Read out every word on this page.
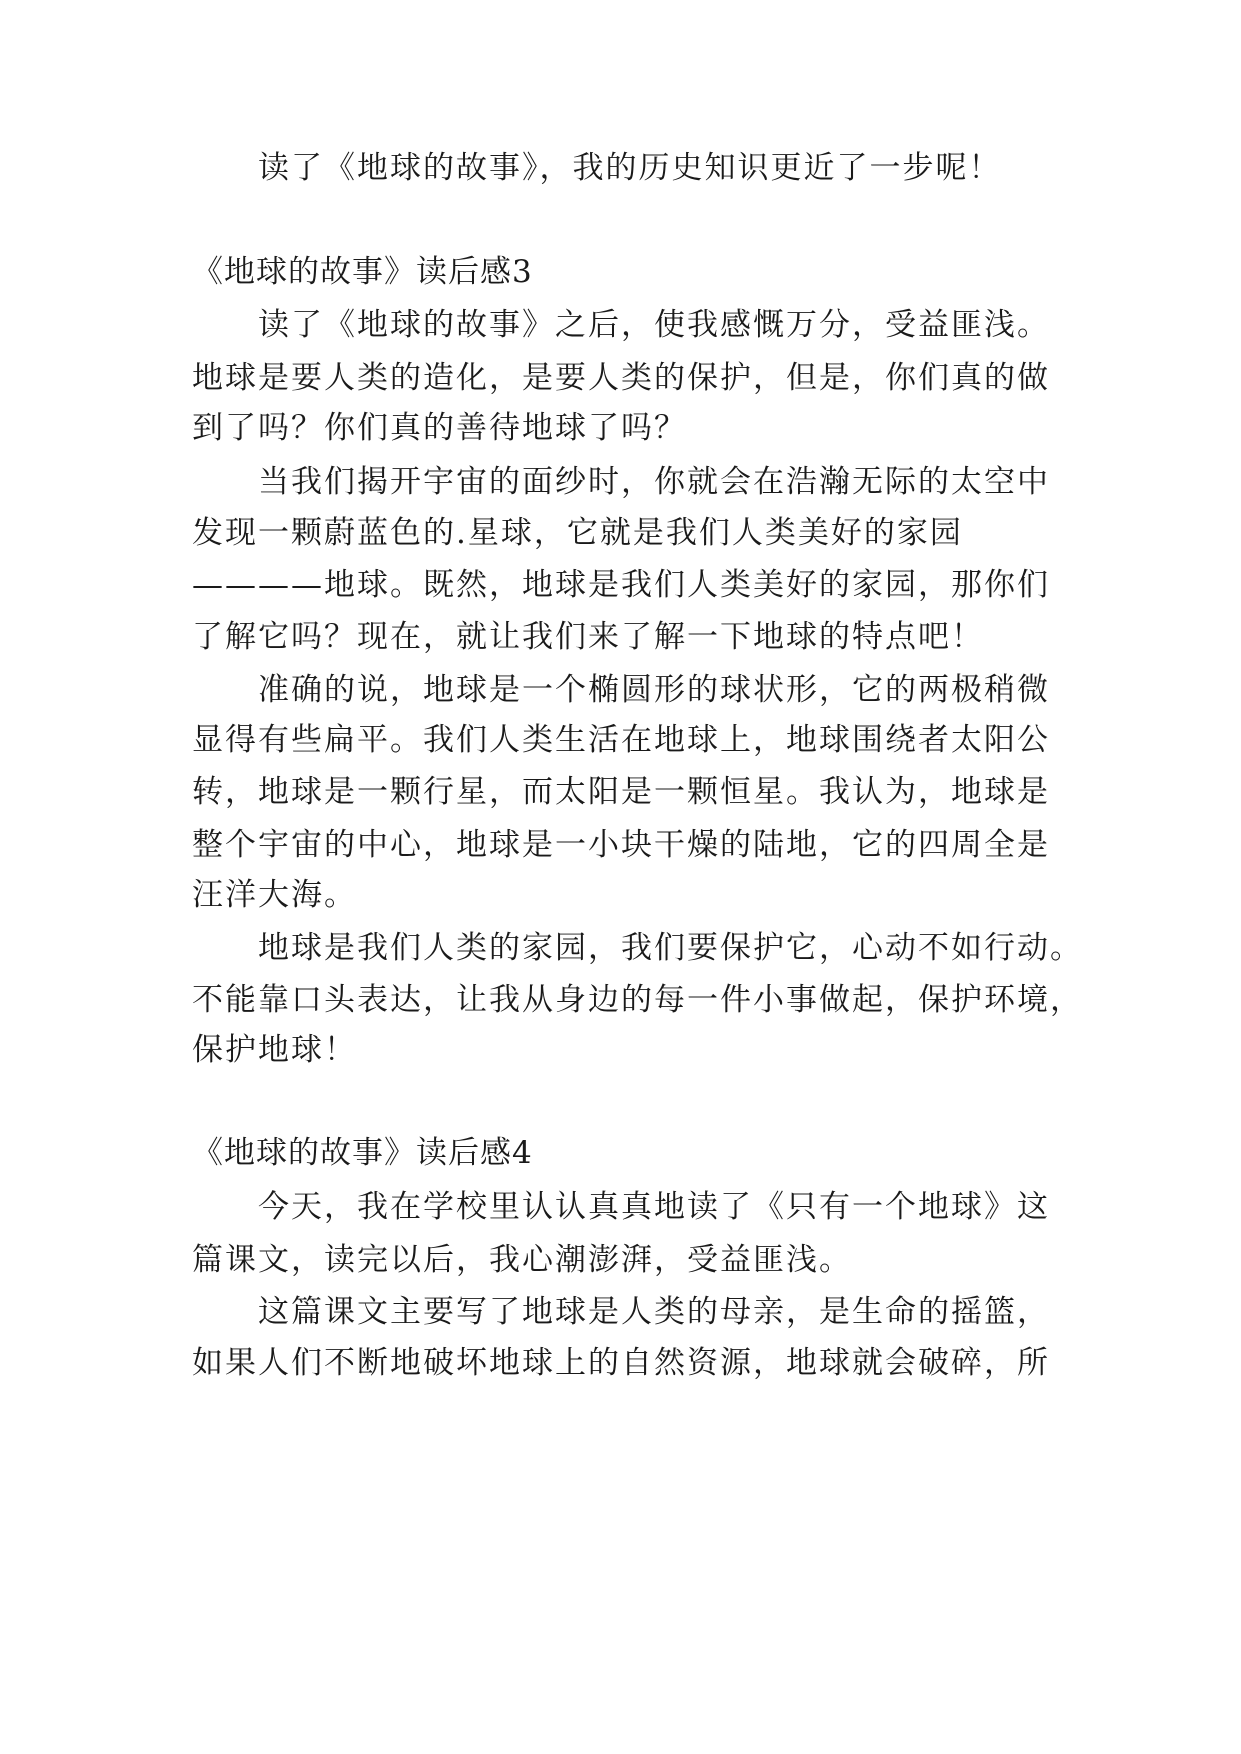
读了《地球的故事》，我的历史知识更近了一步呢！
《地球的故事》读后感3
读了《地球的故事》之后，使我感慨万分，受益匪浅。
地球是要人类的造化，是要人类的保护，但是，你们真的做
到了吗？你们真的善待地球了吗？
当我们揭开宇宙的面纱时，你就会在浩瀚无际的太空中
发现一颗蔚蓝色的.星球，它就是我们人类美好的家园
————地球。既然，地球是我们人类美好的家园，那你们
了解它吗？现在，就让我们来了解一下地球的特点吧！
准确的说，地球是一个椭圆形的球状形，它的两极稍微
显得有些扁平。我们人类生活在地球上，地球围绕者太阳公
转，地球是一颗行星，而太阳是一颗恒星。我认为，地球是
整个宇宙的中心，地球是一小块干燥的陆地，它的四周全是
汪洋大海。
地球是我们人类的家园，我们要保护它，心动不如行动。
不能靠口头表达，让我从身边的每一件小事做起，保护环境，
保护地球！
《地球的故事》读后感4
今天，我在学校里认认真真地读了《只有一个地球》这
篇课文，读完以后，我心潮澎湃，受益匪浅。
这篇课文主要写了地球是人类的母亲，是生命的摇篮，
如果人们不断地破坏地球上的自然资源，地球就会破碎，所
